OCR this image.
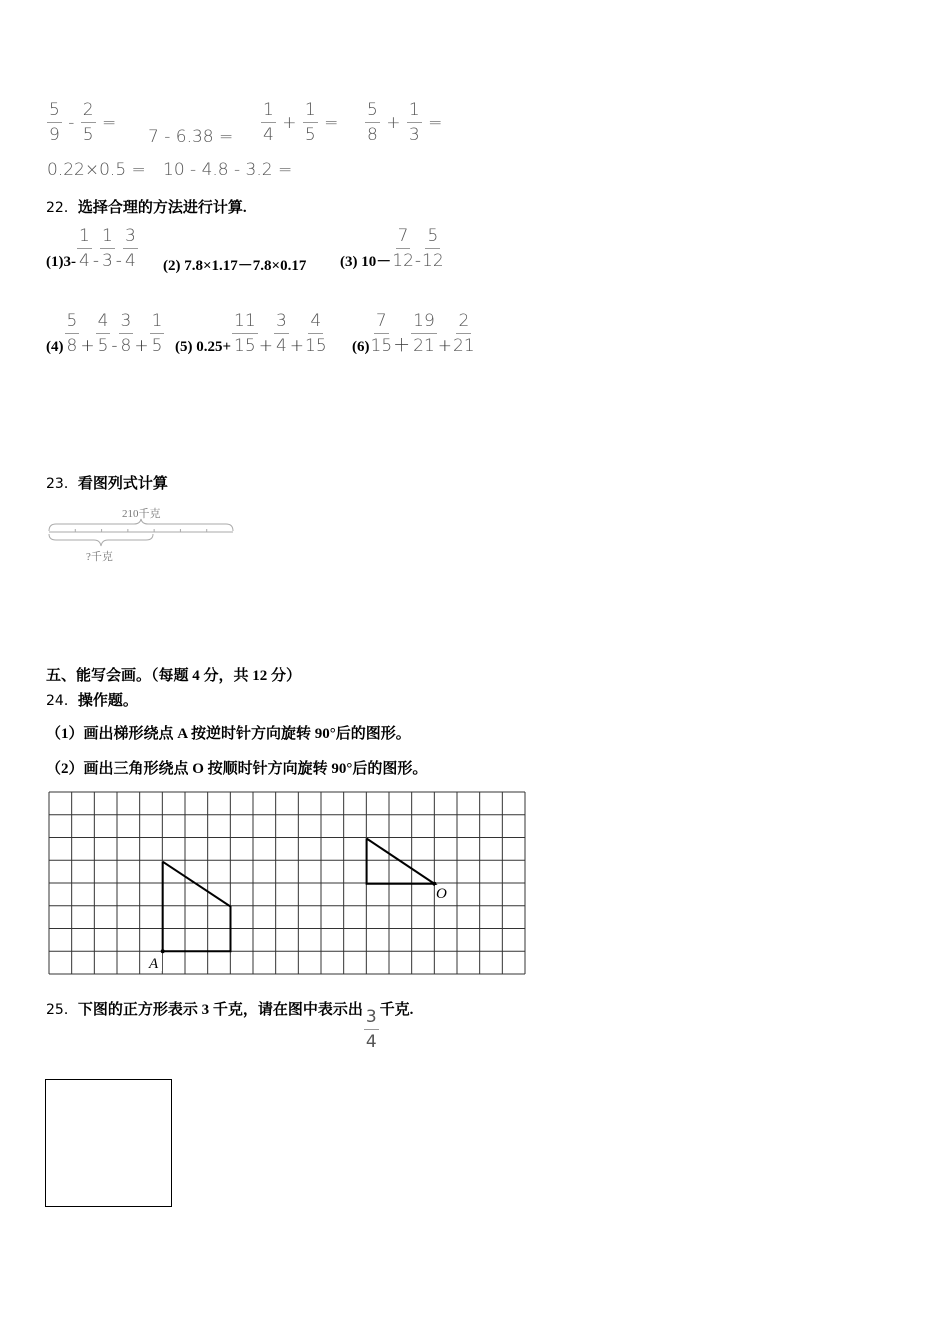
$\frac{5}{9} - \frac{2}{5}$ =
$7 - 6.38 = \frac{1}{4} + \frac{1}{5} = \frac{5}{8} + \frac{1}{3}$ =
0.22×0.5 = 10 - 4.8 - 3.2 =
22．选择合理的方法进行计算.
$(1)3- \frac{1}{4} - \frac{1}{3} - \frac{3}{4} (2)$ 7.8×1.17－7.8×0.17 (3) $10- \frac{7}{12} - \frac{5}{12}$
$(4) \frac{5}{8} + \frac{4}{5} - \frac{3}{8} + \frac{1}{5} (5)$ $0.25+ \frac{11}{15} + \frac{3}{4} + \frac{4}{15} (6) \frac{7}{15} + \frac{19}{21} + \frac{2}{21}$
23．看图列式计算
210千克
?千克
五、能写会画。（每题 4 分，共 12 分）
24．操作题。
（1）画出梯形绕点 A 按逆时针方向旋转 90°后的图形。
（2）画出三角形绕点 O 按顺时针方向旋转 90°后的图形。
A
O
25．下图的正方形表示 3 千克，请在图中表示出 $\frac{3}{4}$ 千克.
